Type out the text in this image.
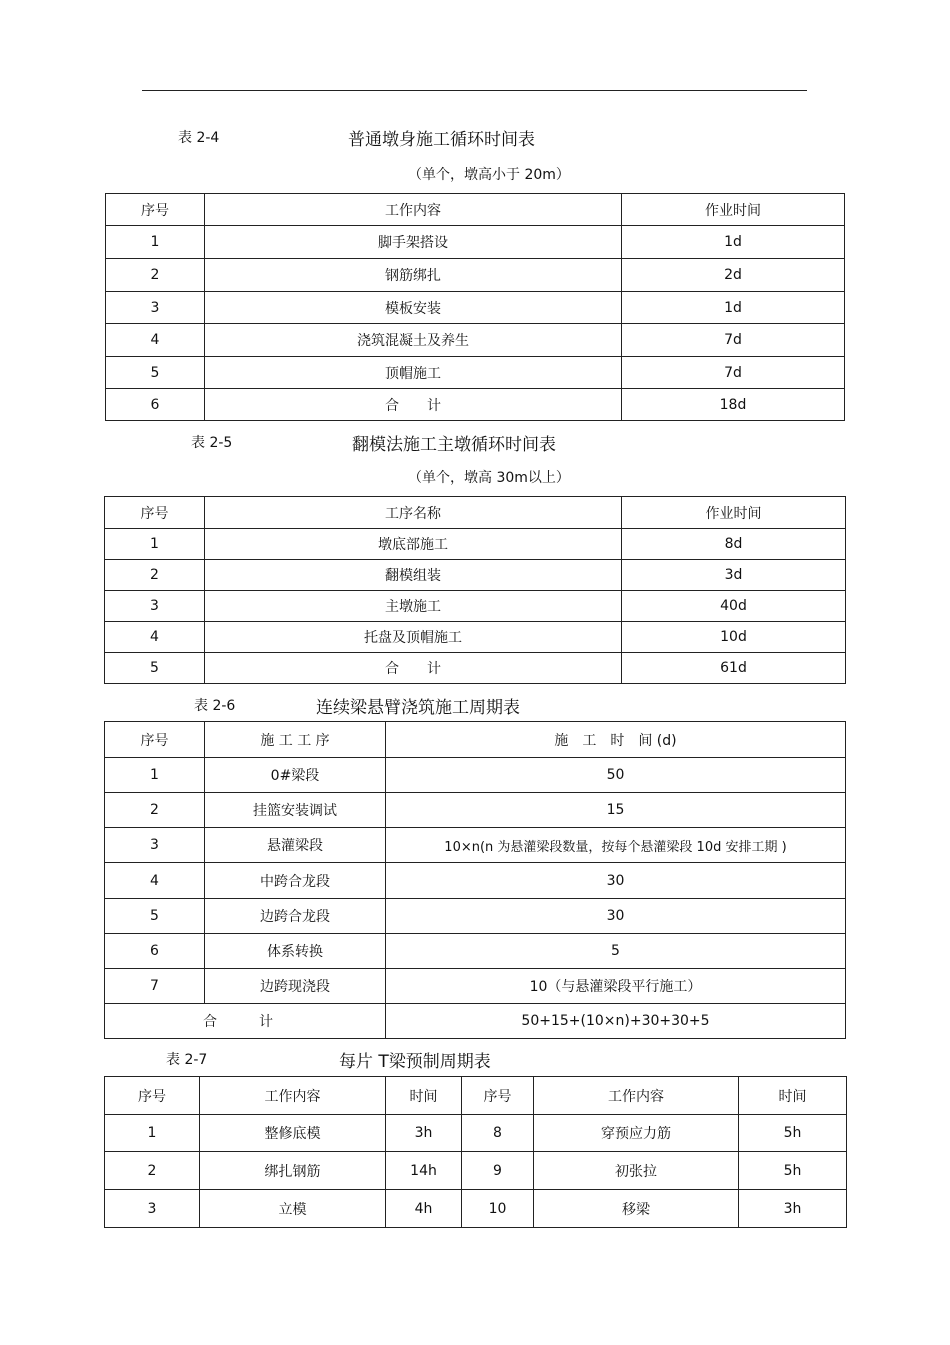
表 2-4	普通墩身施工循环时间表
（单个，墩高小于 20m）
序号	工作内容	作业时间
1	脚手架搭设	1d
2	钢筋绑扎	2d
3	模板安装	1d
4	浇筑混凝土及养生	7d
5	顶帽施工	7d
6	合　　计	18d
表 2-5	翻模法施工主墩循环时间表
（单个，墩高 30m以上）
序号	工序名称	作业时间
1	墩底部施工	8d
2	翻模组装	3d
3	主墩施工	40d
4	托盘及顶帽施工	10d
5	合　　计	61d
表 2-6	连续梁悬臂浇筑施工周期表
序号	施 工 工 序	施　工　时　间 (d)
1	0#梁段	50
2	挂篮安装调试	15
3	悬灌梁段	10×n(n 为悬灌梁段数量，按每个悬灌梁段 10d 安排工期 )
4	中跨合龙段	30
5	边跨合龙段	30
6	体系转换	5
7	边跨现浇段	10（与悬灌梁段平行施工）
合　　　计		50+15+(10×n)+30+30+5
表 2-7	每片 T梁预制周期表
序号	工作内容	时间	序号	工作内容	时间
1	整修底模	3h	8	穿预应力筋	5h
2	绑扎钢筋	14h	9	初张拉	5h
3	立模	4h	10	移梁	3h
